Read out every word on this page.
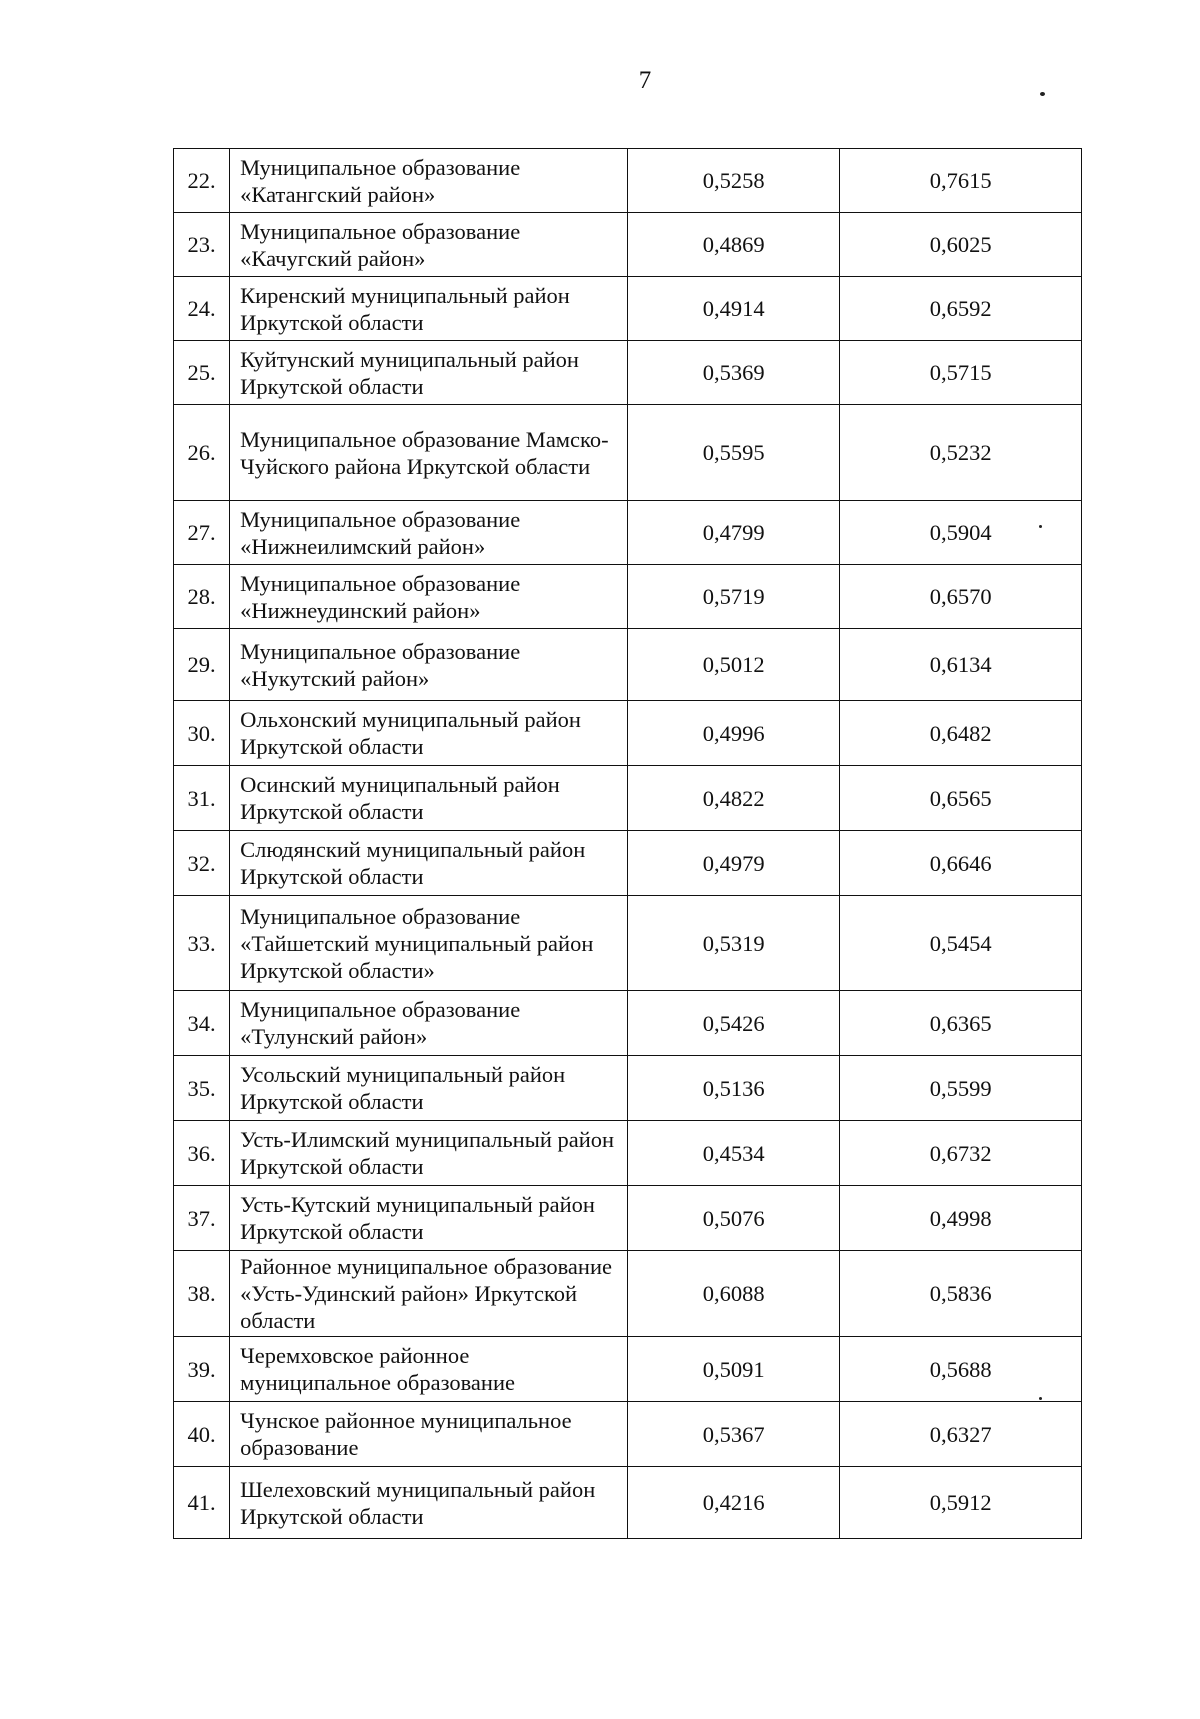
7
22.	Муниципальное образование «Катангский район»	0,5258	0,7615
23.	Муниципальное образование «Качугский район»	0,4869	0,6025
24.	Киренский муниципальный район Иркутской области	0,4914	0,6592
25.	Куйтунский муниципальный район Иркутской области	0,5369	0,5715
26.	Муниципальное образование Мамско-Чуйского района Иркутской области	0,5595	0,5232
27.	Муниципальное образование «Нижнеилимский район»	0,4799	0,5904
28.	Муниципальное образование «Нижнеудинский район»	0,5719	0,6570
29.	Муниципальное образование «Нукутский район»	0,5012	0,6134
30.	Ольхонский муниципальный район Иркутской области	0,4996	0,6482
31.	Осинский муниципальный район Иркутской области	0,4822	0,6565
32.	Слюдянский муниципальный район Иркутской области	0,4979	0,6646
33.	Муниципальное образование «Тайшетский муниципальный район Иркутской области»	0,5319	0,5454
34.	Муниципальное образование «Тулунский район»	0,5426	0,6365
35.	Усольский муниципальный район Иркутской области	0,5136	0,5599
36.	Усть-Илимский муниципальный район Иркутской области	0,4534	0,6732
37.	Усть-Кутский муниципальный район Иркутской области	0,5076	0,4998
38.	Районное муниципальное образование «Усть-Удинский район» Иркутской области	0,6088	0,5836
39.	Черемховское районное муниципальное образование	0,5091	0,5688
40.	Чунское районное муниципальное образование	0,5367	0,6327
41.	Шелеховский муниципальный район Иркутской области	0,4216	0,5912
